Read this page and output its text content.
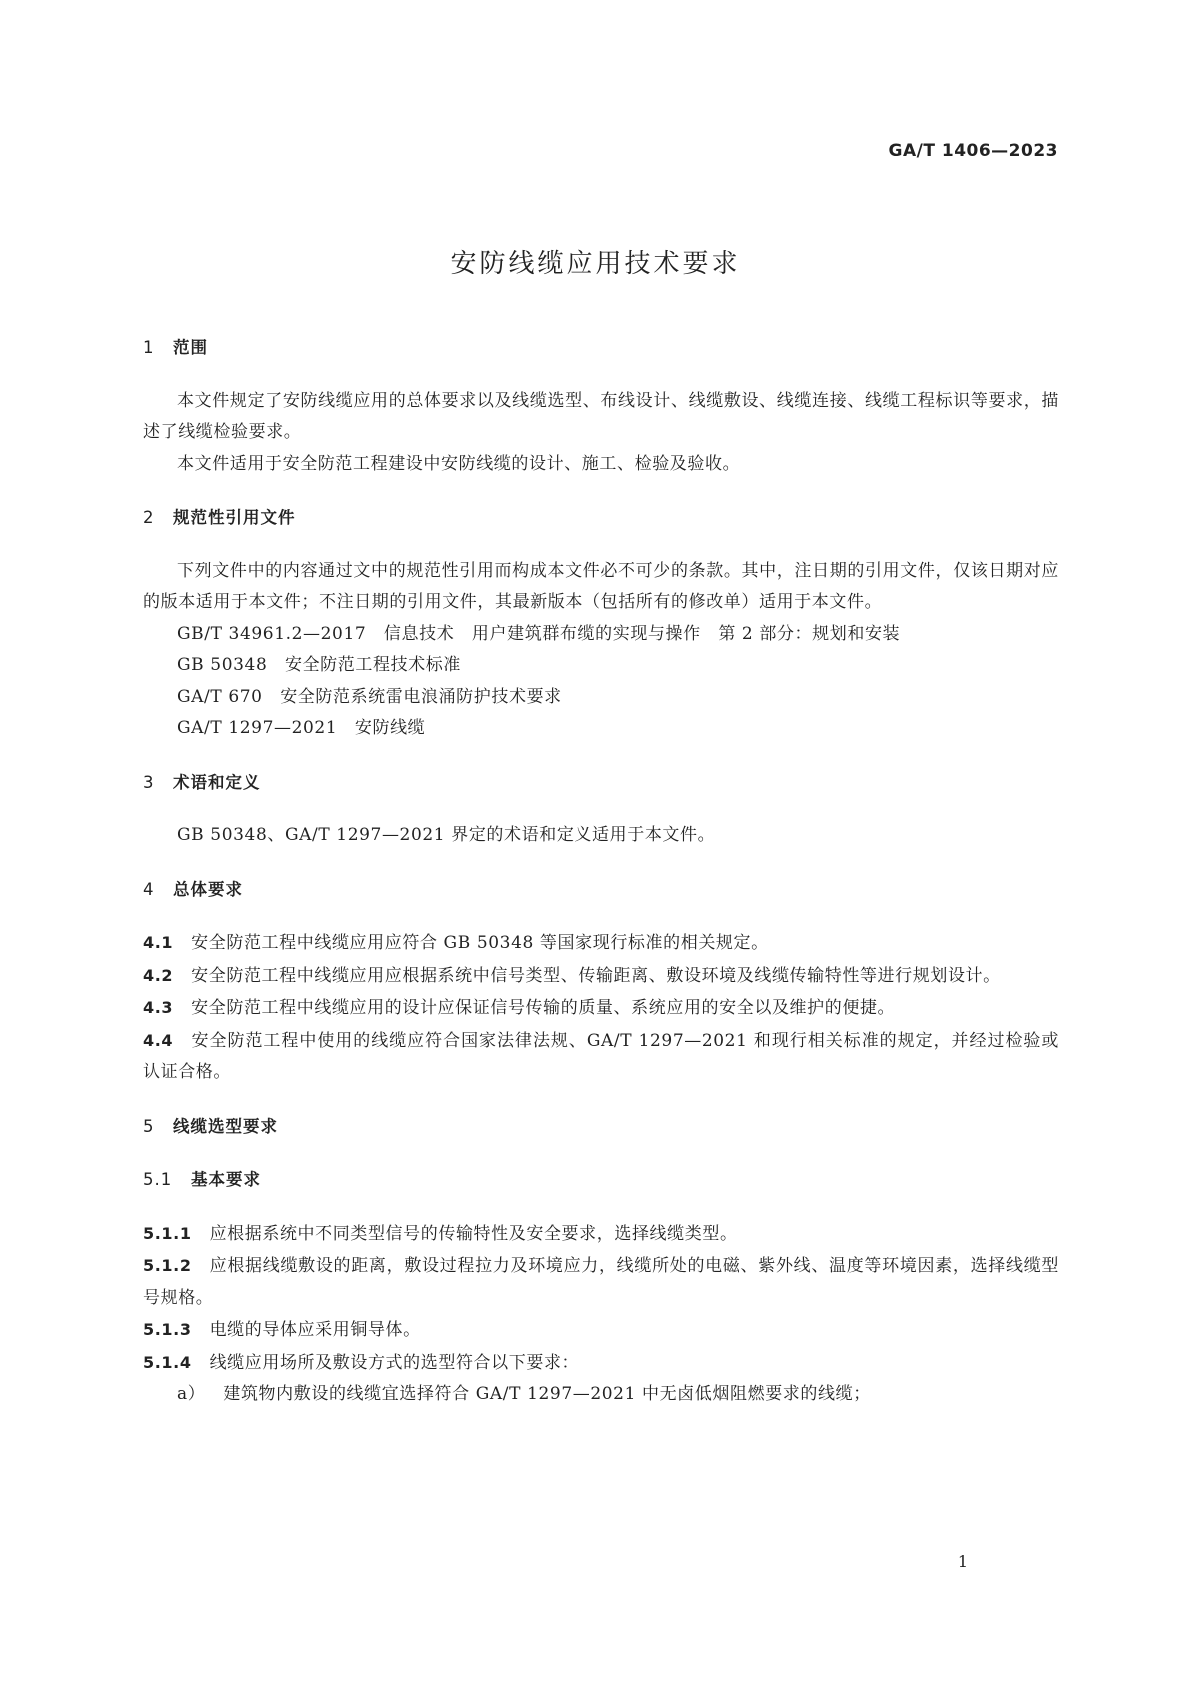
GA/T 1406—2023

安防线缆应用技术要求
1 范围

本文件规定了安防线缆应用的总体要求以及线缆选型、布线设计、线缆敷设、线缆连接、线缆工程标识等要求，描述了线缆检验要求。

本文件适用于安全防范工程建设中安防线缆的设计、施工、检验及验收。

2 规范性引用文件

下列文件中的内容通过文中的规范性引用而构成本文件必不可少的条款。其中，注日期的引用文件，仅该日期对应的版本适用于本文件；不注日期的引用文件，其最新版本（包括所有的修改单）适用于本文件。

GB/T 34961.2—2017　 信息技术　用户建筑群布缆的实现与操作　第 2 部分：规划和安装

GB 50348　 安全防范工程技术标准

GA/T 670　 安全防范系统雷电浪涌防护技术要求

GA/T 1297—2021　 安防线缆

3 术语和定义

GB 50348、GA/T 1297—2021 界定的术语和定义适用于本文件。

4 总体要求

4.1 安全防范工程中线缆应用应符合 GB 50348 等国家现行标准的相关规定。

4.2 安全防范工程中线缆应用应根据系统中信号类型、传输距离、敷设环境及线缆传输特性等进行规划设计。

4.3 安全防范工程中线缆应用的设计应保证信号传输的质量、系统应用的安全以及维护的便捷。

4.4 安全防范工程中使用的线缆应符合国家法律法规、GA/T 1297—2021 和现行相关标准的规定，并经过检验或认证合格。

5 线缆选型要求
5.1 基本要求

5.1.1 应根据系统中不同类型信号的传输特性及安全要求，选择线缆类型。

5.1.2 应根据线缆敷设的距离，敷设过程拉力及环境应力，线缆所处的电磁、紫外线、温度等环境因素，选择线缆型号规格。

5.1.3 电缆的导体应采用铜导体。

5.1.4 线缆应用场所及敷设方式的选型符合以下要求：

a） 建筑物内敷设的线缆宜选择符合 GA/T 1297—2021 中无卤低烟阻燃要求的线缆；

1
